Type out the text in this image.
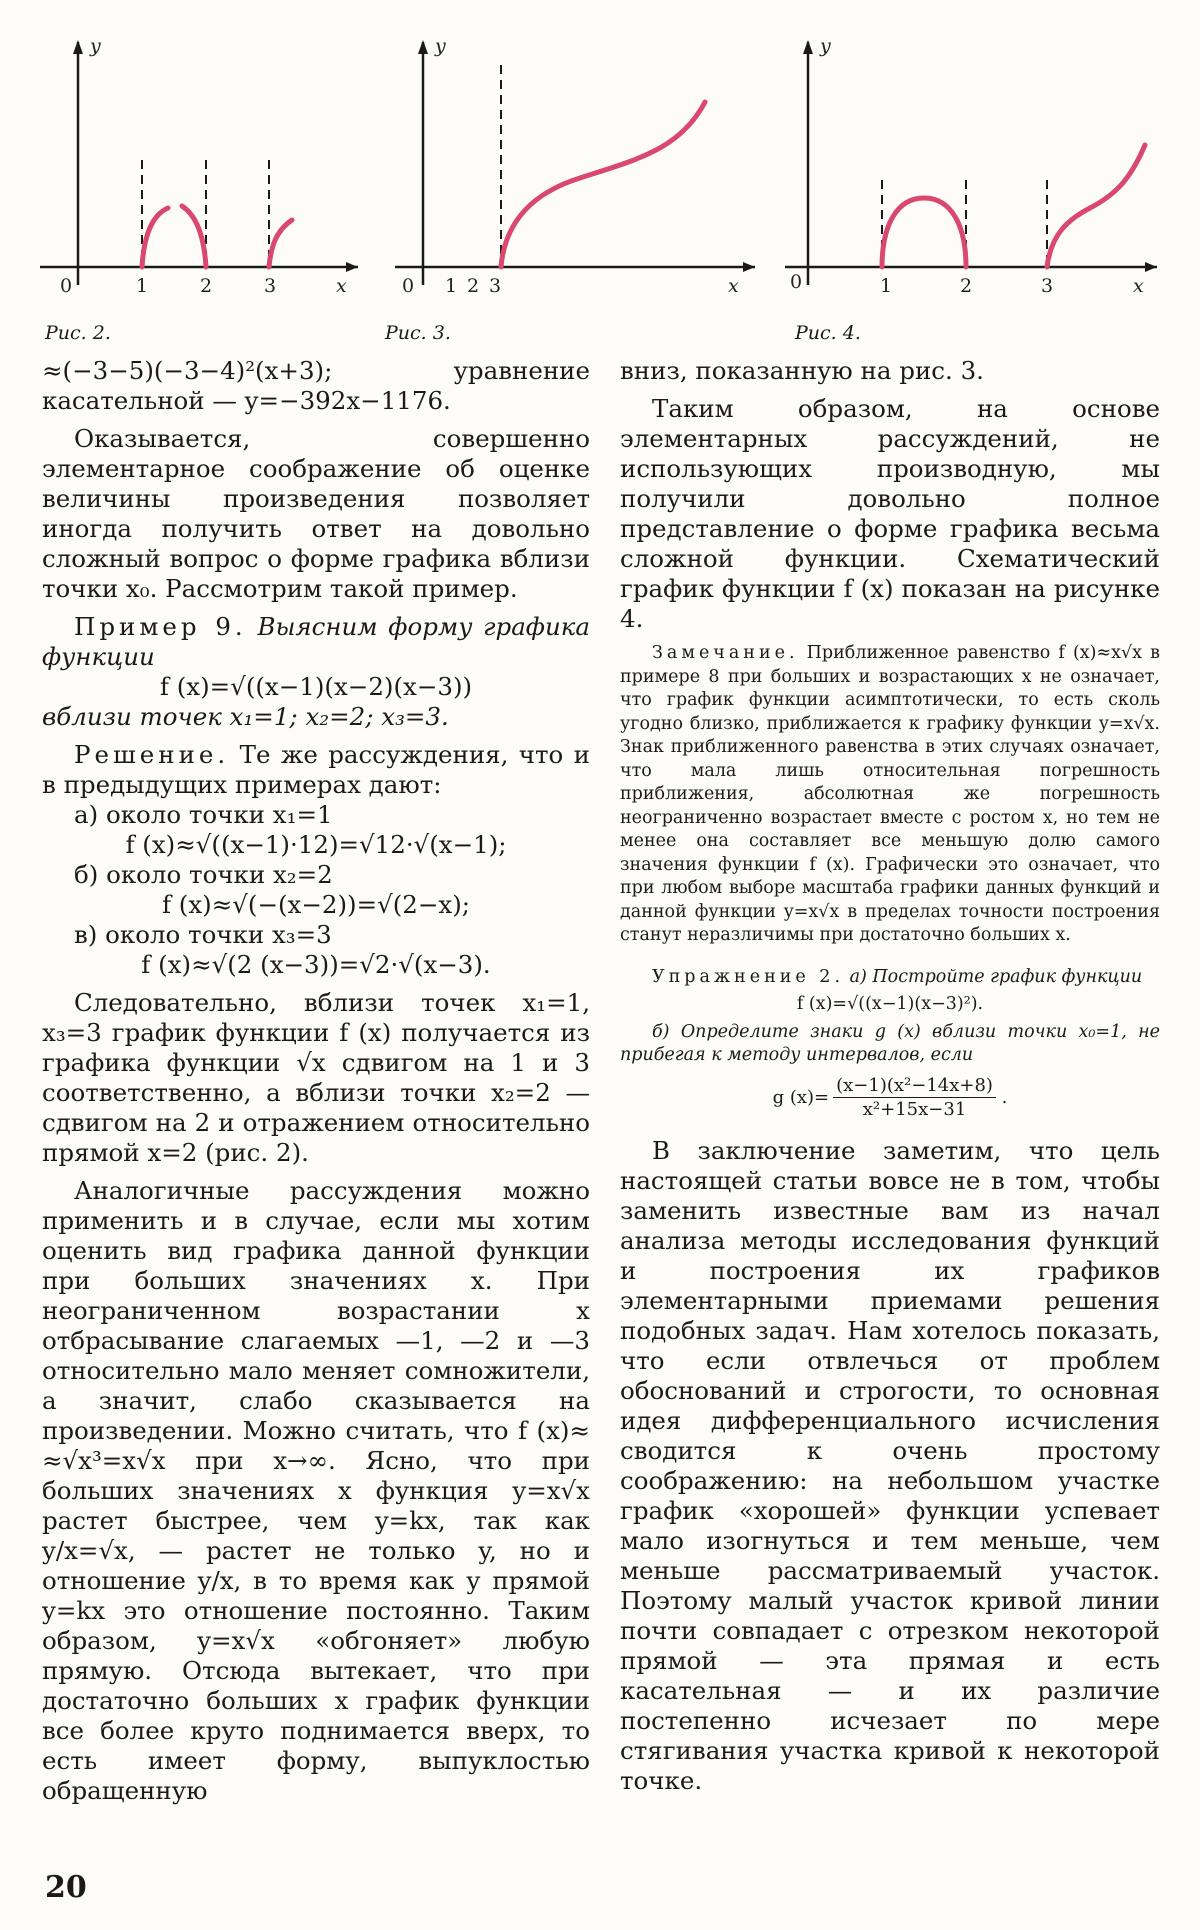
y
x
0	1	2	3
Рис. 2.
y
x
0 1 2 3
Рис. 3.
y
x
0	1	2	3
Рис. 4.

≈(−3−5)(−3−4)²(x+3); уравнение касательной — y=−392x−1176.

Оказывается, совершенно элементарное соображение об оценке величины произведения позволяет иногда получить ответ на довольно сложный вопрос о форме графика вблизи точки x₀. Рассмотрим такой пример.

Пример 9. Выясним форму графика функции

f (x)=√((x−1)(x−2)(x−3))

вблизи точек x₁=1; x₂=2; x₃=3.

Решение. Те же рассуждения, что и в предыдущих примерах дают:

а) около точки x₁=1

f (x)≈√((x−1)·12)=√12·√(x−1);

б) около точки x₂=2

f (x)≈√(−(x−2))=√(2−x);

в) около точки x₃=3

f (x)≈√(2 (x−3))=√2·√(x−3).

Следовательно, вблизи точек x₁=1, x₃=3 график функции f (x) получается из графика функции √x сдвигом на 1 и 3 соответственно, а вблизи точки x₂=2 — сдвигом на 2 и отражением относительно прямой x=2 (рис. 2).

Аналогичные рассуждения можно применить и в случае, если мы хотим оценить вид графика данной функции при больших значениях x. При неограниченном возрастании x отбрасывание слагаемых —1, —2 и —3 относительно мало меняет сомножители, а значит, слабо сказывается на произведении. Можно считать, что f (x)≈ ≈√x³=x√x при x→∞. Ясно, что при больших значениях x функция y=x√x растет быстрее, чем y=kx, так как y/x=√x, — растет не только y, но и отношение y/x, в то время как у прямой y=kx это отношение постоянно. Таким образом, y=x√x «обгоняет» любую прямую. Отсюда вытекает, что при достаточно больших x график функции все более круто поднимается вверх, то есть имеет форму, выпуклостью обращенную

вниз, показанную на рис. 3.

Таким образом, на основе элементарных рассуждений, не использующих производную, мы получили довольно полное представление о форме графика весьма сложной функции. Схематический график функции f (x) показан на рисунке 4.

Замечание. Приближенное равенство f (x)≈x√x в примере 8 при больших и возрастающих x не означает, что график функции асимптотически, то есть сколь угодно близко, приближается к графику функции y=x√x. Знак приближенного равенства в этих случаях означает, что мала лишь относительная погрешность приближения, абсолютная же погрешность неограниченно возрастает вместе с ростом x, но тем не менее она составляет все меньшую долю самого значения функции f (x). Графически это означает, что при любом выборе масштаба графики данных функций и данной функции y=x√x в пределах точности построения станут неразличимы при достаточно больших x.

Упражнение 2. а) Постройте график функции

f (x)=√((x−1)(x−3)²).

б) Определите знаки g (x) вблизи точки x₀=1, не прибегая к методу интервалов, если

g $(x)= \frac{\text{(x−1)(x²−14x+8)}}{\text{x²+15x−31}}$ .

В заключение заметим, что цель настоящей статьи вовсе не в том, чтобы заменить известные вам из начал анализа методы исследования функций и построения их графиков элементарными приемами решения подобных задач. Нам хотелось показать, что если отвлечься от проблем обоснований и строгости, то основная идея дифференциального исчисления сводится к очень простому соображению: на небольшом участке график «хорошей» функции успевает мало изогнуться и тем меньше, чем меньше рассматриваемый участок. Поэтому малый участок кривой линии почти совпадает с отрезком некоторой прямой — эта прямая и есть касательная — и их различие постепенно исчезает по мере стягивания участка кривой к некоторой точке.

20
